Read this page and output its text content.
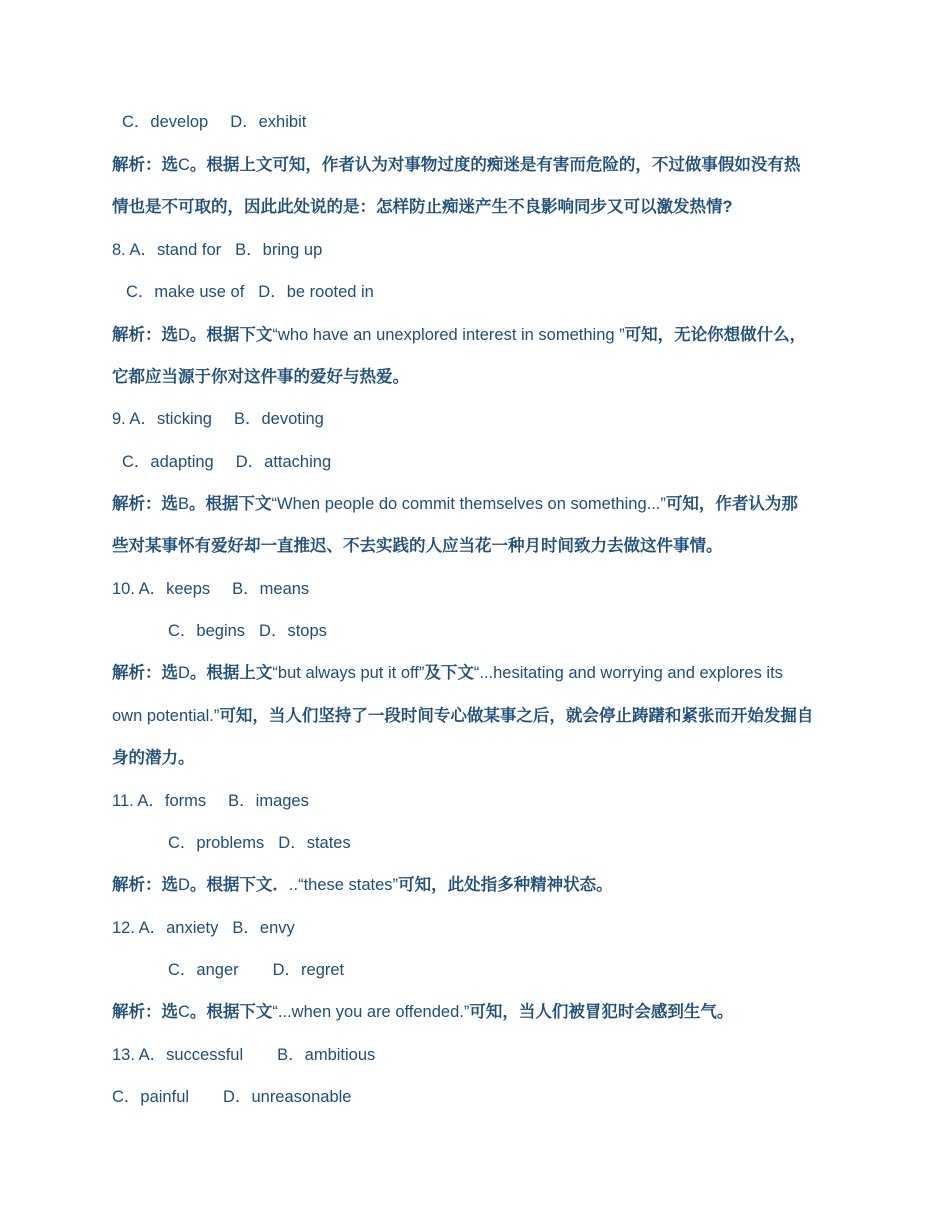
C．develop D．exhibit
解析：选C。根据上文可知，作者认为对事物过度的痴迷是有害而危险的，不过做事假如没有热
情也是不可取的，因此此处说的是：怎样防止痴迷产生不良影响同步又可以激发热情?
8. A．stand for B．bring up
C．make use of D．be rooted in
解析：选D。根据下文“who have an unexplored interest in something ”可知，无论你想做什么，
它都应当源于你对这件事的爱好与热爱。
9. A．sticking B．devoting
C．adapting D．attaching
解析：选B。根据下文“When people do commit themselves on something...”可知，作者认为那
些对某事怀有爱好却一直推迟、不去实践的人应当花一种月时间致力去做这件事情。
10. A．keeps B．means
C．begins D．stops
解析：选D。根据上文“but always put it off”及下文“...hesitating and worrying and explores its
own potential.”可知，当人们坚持了一段时间专心做某事之后，就会停止踌躇和紧张而开始发掘自
身的潜力。
11. A．forms B．images
C．problems D．states
解析：选D。根据下文．..“these states”可知，此处指多种精神状态。
12. A．anxiety B．envy
C．anger D．regret
解析：选C。根据下文“...when you are offended.”可知，当人们被冒犯时会感到生气。
13. A．successful B．ambitious
C．painful D．unreasonable
